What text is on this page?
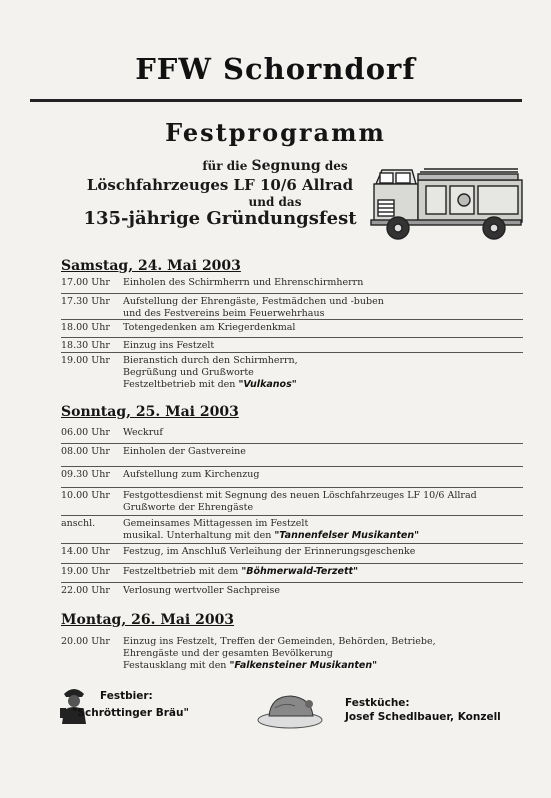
FFW Schorndorf
Festprogramm
für die Segnung des
Löschfahrzeuges LF 10/6 Allrad
und das
135-jährige Gründungsfest
Samstag, 24. Mai 2003
17.00 Uhr	Einholen des Schirmherrn und Ehrenschirmherrn
17.30 Uhr	Aufstellung der Ehrengäste, Festmädchen und -buben
und des Festvereins beim Feuerwehrhaus
18.00 Uhr	Totengedenken am Kriegerdenkmal
18.30 Uhr	Einzug ins Festzelt
19.00 Uhr	Bieranstich durch den Schirmherrn,
Begrüßung und Grußworte
Festzeltbetrieb mit den "Vulkanos"
Sonntag, 25. Mai 2003
06.00 Uhr	Weckruf
08.00 Uhr	Einholen der Gastvereine
09.30 Uhr	Aufstellung zum Kirchenzug
10.00 Uhr	Festgottesdienst mit Segnung des neuen Löschfahrzeuges LF 10/6 Allrad
Grußworte der Ehrengäste
anschl.	Gemeinsames Mittagessen im Festzelt
musikal. Unterhaltung mit den "Tannenfelser Musikanten"
14.00 Uhr	Festzug, im Anschluß Verleihung der Erinnerungsgeschenke
19.00 Uhr	Festzeltbetrieb mit dem "Böhmerwald-Terzett"
22.00 Uhr	Verlosung wertvoller Sachpreise
Montag, 26. Mai 2003
20.00 Uhr	Einzug ins Festzelt, Treffen der Gemeinden, Behörden, Betriebe,
Ehrengäste und der gesamten Bevölkerung
Festausklang mit den "Falkensteiner Musikanten"
Festbier:
"Schröttinger Bräu"
Festküche:
Josef Schedlbauer, Konzell
